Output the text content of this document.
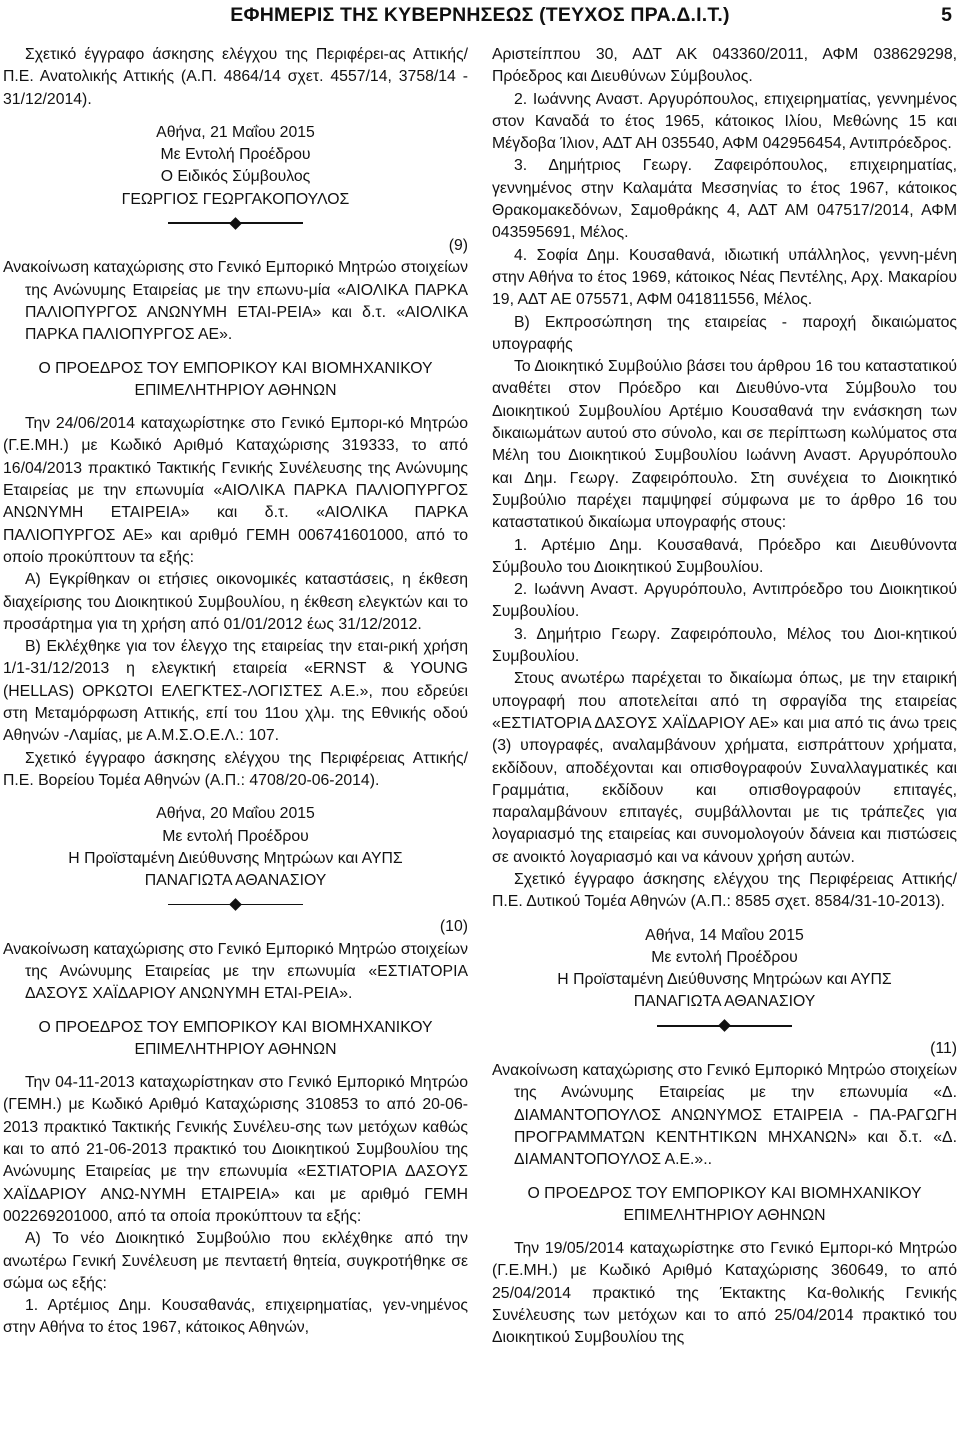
ΕΦΗΜΕΡΙΣ ΤΗΣ ΚΥΒΕΡΝΗΣΕΩΣ (ΤΕΥΧΟΣ ΠΡΑ.Δ.Ι.Τ.)	5

Σχετικό έγγραφο άσκησης ελέγχου της Περιφέρει-ας Αττικής/Π.Ε. Ανατολικής Αττικής (Α.Π. 4864/14 σχετ. 4557/14, 3758/14 - 31/12/2014).

Αθήνα, 21 Μαΐου 2015

Με Εντολή Προέδρου

Ο Ειδικός Σύμβουλος

ΓΕΩΡΓΙΟΣ ΓΕΩΡΓΑΚΟΠΟΥΛΟΣ

(9)

Ανακοίνωση καταχώρισης στο Γενικό Εμπορικό Μητρώο στοιχείων της Ανώνυμης Εταιρείας με την επωνυ-μία «ΑΙΟΛΙΚΑ ΠΑΡΚΑ ΠΑΛΙΟΠΥΡΓΟΣ ΑΝΩΝΥΜΗ ΕΤΑΙ-ΡΕΙΑ» και δ.τ. «ΑΙΟΛΙΚΑ ΠΑΡΚΑ ΠΑΛΙΟΠΥΡΓΟΣ ΑΕ».

Ο ΠΡΟΕΔΡΟΣ ΤΟΥ ΕΜΠΟΡΙΚΟΥ ΚΑΙ ΒΙΟΜΗΧΑΝΙΚΟΥ

ΕΠΙΜΕΛΗΤΗΡΙΟΥ ΑΘΗΝΩΝ

Την 24/06/2014 καταχωρίστηκε στο Γενικό Εμπορι-κό Μητρώο (Γ.Ε.ΜΗ.) με Κωδικό Αριθμό Καταχώρισης 319333, το από 16/04/2013 πρακτικό Τακτικής Γενικής Συνέλευσης της Ανώνυμης Εταιρείας με την επωνυμία «ΑΙΟΛΙΚΑ ΠΑΡΚΑ ΠΑΛΙΟΠΥΡΓΟΣ ΑΝΩΝΥΜΗ ΕΤΑΙΡΕΙΑ» και δ.τ. «ΑΙΟΛΙΚΑ ΠΑΡΚΑ ΠΑΛΙΟΠΥΡΓΟΣ ΑΕ» και αριθμό ΓΕΜΗ 006741601000, από το οποίο προκύπτουν τα εξής:

Α) Εγκρίθηκαν οι ετήσιες οικονομικές καταστάσεις, η έκθεση διαχείρισης του Διοικητικού Συμβουλίου, η έκθεση ελεγκτών και το προσάρτημα για τη χρήση από 01/01/2012 έως 31/12/2012.

Β) Εκλέχθηκε για τον έλεγχο της εταιρείας την εται-ρική χρήση 1/1-31/12/2013 η ελεγκτική εταιρεία «ERNST & YOUNG (HELLAS) ΟΡΚΩΤΟΙ ΕΛΕΓΚΤΕΣ-ΛΟΓΙΣΤΕΣ Α.Ε.», που εδρεύει στη Μεταμόρφωση Αττικής, επί του 11ου χλμ. της Εθνικής οδού Αθηνών -Λαμίας, με Α.Μ.Σ.Ο.Ε.Λ.: 107.

Σχετικό έγγραφο άσκησης ελέγχου της Περιφέρειας Αττικής/Π.Ε. Βορείου Τομέα Αθηνών (Α.Π.: 4708/20-06-2014).

Αθήνα, 20 Μαΐου 2015

Με εντολή Προέδρου

Η Προϊσταμένη Διεύθυνσης Μητρώων και ΑΥΠΣ

ΠΑΝΑΓΙΩΤΑ ΑΘΑΝΑΣΙΟΥ

(10)

Ανακοίνωση καταχώρισης στο Γενικό Εμπορικό Μητρώο στοιχείων της Ανώνυμης Εταιρείας με την επωνυμία «ΕΣΤΙΑΤΟΡΙΑ ΔΑΣΟΥΣ ΧΑΪΔΑΡΙΟΥ ΑΝΩΝΥΜΗ ΕΤΑΙ-ΡΕΙΑ».

Ο ΠΡΟΕΔΡΟΣ ΤΟΥ ΕΜΠΟΡΙΚΟΥ ΚΑΙ ΒΙΟΜΗΧΑΝΙΚΟΥ

ΕΠΙΜΕΛΗΤΗΡΙΟΥ ΑΘΗΝΩΝ

Την 04-11-2013 καταχωρίστηκαν στο Γενικό Εμπορικό Μητρώο (ΓΕΜΗ.) με Κωδικό Αριθμό Καταχώρισης 310853 το από 20-06-2013 πρακτικό Τακτικής Γενικής Συνέλευ-σης των μετόχων καθώς και το από 21-06-2013 πρακτικό του Διοικητικού Συμβουλίου της Ανώνυμης Εταιρείας με την επωνυμία «ΕΣΤΙΑΤΟΡΙΑ ΔΑΣΟΥΣ ΧΑΪΔΑΡΙΟΥ ΑΝΩ-ΝΥΜΗ ΕΤΑΙΡΕΙΑ» και με αριθμό ΓΕΜΗ 002269201000, από τα οποία προκύπτουν τα εξής:

Α) Το νέο Διοικητικό Συμβούλιο που εκλέχθηκε από την ανωτέρω Γενική Συνέλευση με πενταετή θητεία, συγκροτήθηκε σε σώμα ως εξής:

1. Αρτέμιος Δημ. Κουσαθανάς, επιχειρηματίας, γεν-νημένος στην Αθήνα το έτος 1967, κάτοικος Αθηνών,

Αριστείππου 30, ΑΔΤ ΑΚ 043360/2011, ΑΦΜ 038629298, Πρόεδρος και Διευθύνων Σύμβουλος.

2. Ιωάννης Αναστ. Αργυρόπουλος, επιχειρηματίας, γεννημένος στον Καναδά το έτος 1965, κάτοικος Ιλίου, Μεθώνης 15 και Μέγδοβα Ίλιον, ΑΔΤ ΑΗ 035540, ΑΦΜ 042956454, Αντιπρόεδρος.

3. Δημήτριος Γεωργ. Ζαφειρόπουλος, επιχειρηματίας, γεννημένος στην Καλαμάτα Μεσσηνίας το έτος 1967, κάτοικος Θρακομακεδόνων, Σαμοθράκης 4, ΑΔΤ ΑΜ 047517/2014, ΑΦΜ 043595691, Μέλος.

4. Σοφία Δημ. Κουσαθανά, ιδιωτική υπάλληλος, γεννη-μένη στην Αθήνα το έτος 1969, κάτοικος Νέας Πεντέλης, Αρχ. Μακαρίου 19, ΑΔΤ ΑΕ 075571, ΑΦΜ 041811556, Μέλος.

Β) Εκπροσώπηση της εταιρείας - παροχή δικαιώματος υπογραφής

Το Διοικητικό Συμβούλιο βάσει του άρθρου 16 του καταστατικού αναθέτει στον Πρόεδρο και Διευθύνο-ντα Σύμβουλο του Διοικητικού Συμβουλίου Αρτέμιο Κουσαθανά την ενάσκηση των δικαιωμάτων αυτού στο σύνολο, και σε περίπτωση κωλύματος στα Μέλη του Διοικητικού Συμβουλίου Ιωάννη Αναστ. Αργυρόπουλο και Δημ. Γεωργ. Ζαφειρόπουλο. Στη συνέχεια το Διοικητικό Συμβούλιο παρέχει παμψηφεί σύμφωνα με το άρθρο 16 του καταστατικού δικαίωμα υπογραφής στους:

1. Αρτέμιο Δημ. Κουσαθανά, Πρόεδρο και Διευθύνοντα Σύμβουλο του Διοικητικού Συμβουλίου.

2. Ιωάννη Αναστ. Αργυρόπουλο, Αντιπρόεδρο του Διοικητικού Συμβουλίου.

3. Δημήτριο Γεωργ. Ζαφειρόπουλο, Μέλος του Διοι-κητικού Συμβουλίου.

Στους ανωτέρω παρέχεται το δικαίωμα όπως, με την εταιρική υπογραφή που αποτελείται από τη σφραγίδα της εταιρείας «ΕΣΤΙΑΤΟΡΙΑ ΔΑΣΟΥΣ ΧΑΪΔΑΡΙΟΥ ΑΕ» και μια από τις άνω τρεις (3) υπογραφές, αναλαμβάνουν χρήματα, εισπράττουν χρήματα, εκδίδουν, αποδέχονται και οπισθογραφούν Συναλλαγματικές και Γραμμάτια, εκδίδουν και οπισθογραφούν επιταγές, παραλαμβάνουν επιταγές, συμβάλλονται με τις τράπεζες για λογαριασμό της εταιρείας και συνομολογούν δάνεια και πιστώσεις σε ανοικτό λογαριασμό και να κάνουν χρήση αυτών.

Σχετικό έγγραφο άσκησης ελέγχου της Περιφέρειας Αττικής/Π.Ε. Δυτικού Τομέα Αθηνών (Α.Π.: 8585 σχετ. 8584/31-10-2013).

Αθήνα, 14 Μαΐου 2015

Με εντολή Προέδρου

Η Προϊσταμένη Διεύθυνσης Μητρώων και ΑΥΠΣ

ΠΑΝΑΓΙΩΤΑ ΑΘΑΝΑΣΙΟΥ

(11)

Ανακοίνωση καταχώρισης στο Γενικό Εμπορικό Μητρώο στοιχείων της Ανώνυμης Εταιρείας με την επωνυμία «Δ. ΔΙΑΜΑΝΤΟΠΟΥΛΟΣ ΑΝΩΝΥΜΟΣ ΕΤΑΙΡΕΙΑ - ΠΑ-ΡΑΓΩΓΗ ΠΡΟΓΡΑΜΜΑΤΩΝ ΚΕΝΤΗΤΙΚΩΝ ΜΗΧΑΝΩΝ» και δ.τ. «Δ. ΔΙΑΜΑΝΤΟΠΟΥΛΟΣ Α.Ε.»..

Ο ΠΡΟΕΔΡΟΣ ΤΟΥ ΕΜΠΟΡΙΚΟΥ ΚΑΙ ΒΙΟΜΗΧΑΝΙΚΟΥ

ΕΠΙΜΕΛΗΤΗΡΙΟΥ ΑΘΗΝΩΝ

Την 19/05/2014 καταχωρίστηκε στο Γενικό Εμπορι-κό Μητρώο (Γ.Ε.ΜΗ.) με Κωδικό Αριθμό Καταχώρισης 360649, το από 25/04/2014 πρακτικό της Έκτακτης Κα-θολικής Γενικής Συνέλευσης των μετόχων και το από 25/04/2014 πρακτικό του Διοικητικού Συμβουλίου της
